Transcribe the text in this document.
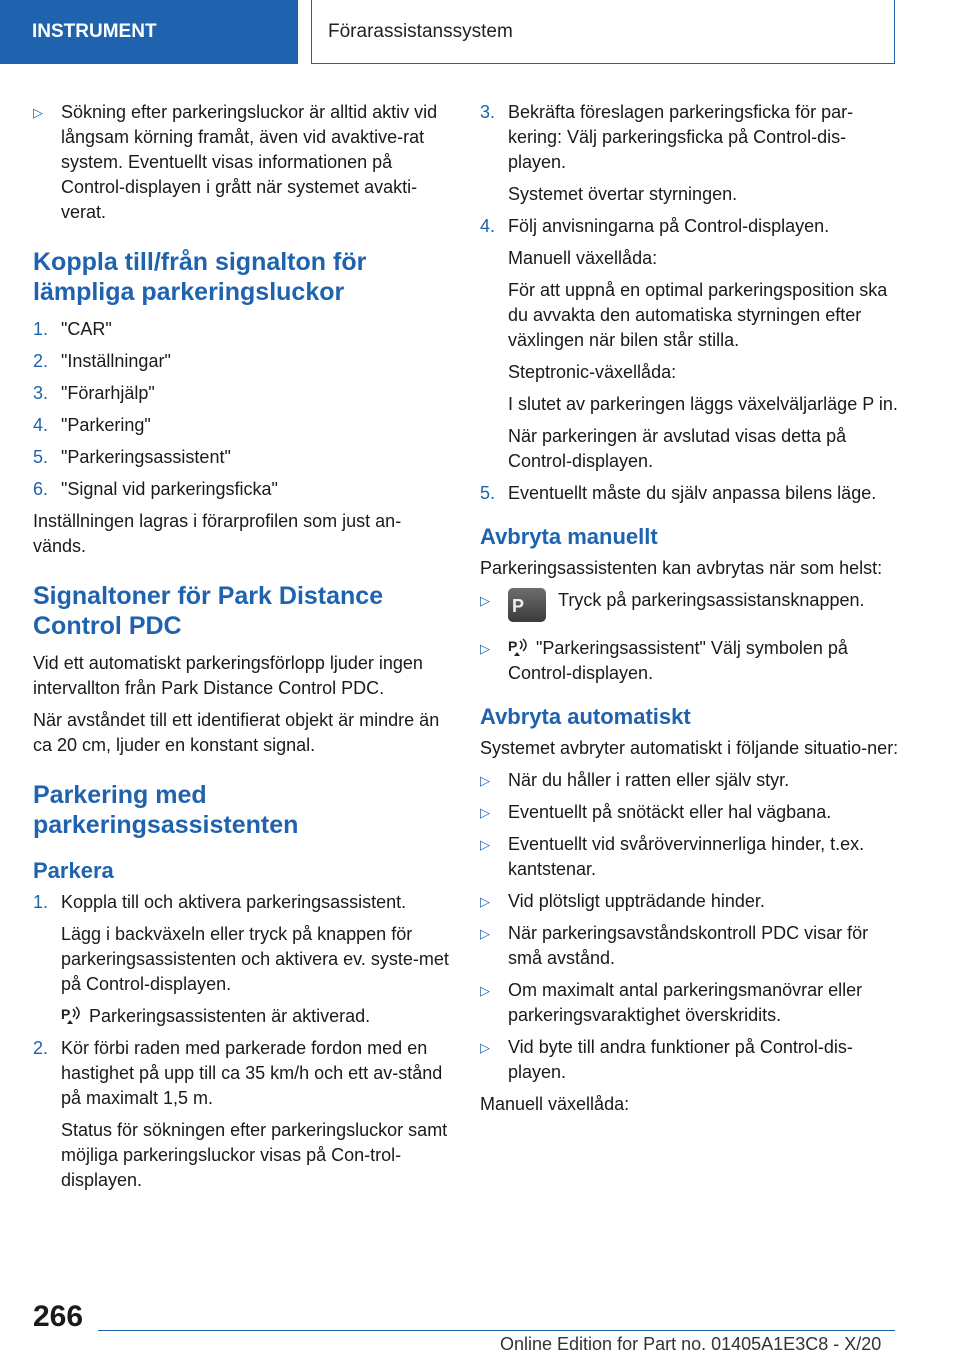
INSTRUMENT	Förarassistanssystem
▷	Sökning efter parkeringsluckor är alltid aktiv vid långsam körning framåt, även vid avaktive-rat system. Eventuellt visas informationen på Control-displayen i grått när systemet avakti-verat.
Koppla till/från signalton för lämpliga parkeringsluckor
1. "CAR"
2. "Inställningar"
3. "Förarhjälp"
4. "Parkering"
5. "Parkeringsassistent"
6. "Signal vid parkeringsficka"

Inställningen lagras i förarprofilen som just an-vänds.

Signaltoner för Park Distance Control PDC

Vid ett automatiskt parkeringsförlopp ljuder ingen intervallton från Park Distance Control PDC.

När avståndet till ett identifierat objekt är mindre än ca 20 cm, ljuder en konstant signal.

Parkering med parkeringsassistenten
Parkera
1. Koppla till och aktivera parkeringsassistent.

Lägg i backväxeln eller tryck på knappen för parkeringsassistenten och aktivera ev. syste-met på Control-displayen.

P Parkeringsassistenten är aktiverad.

2. Kör förbi raden med parkerade fordon med en hastighet på upp till ca 35 km/h och ett av-stånd på maximalt 1,5 m.

Status för sökningen efter parkeringsluckor samt möjliga parkeringsluckor visas på Con-trol-displayen.

3. Bekräfta föreslagen parkeringsficka för par-kering: Välj parkeringsficka på Control-dis-playen.

Systemet övertar styrningen.

4. Följ anvisningarna på Control-displayen.

Manuell växellåda:

För att uppnå en optimal parkeringsposition ska du avvakta den automatiska styrningen efter växlingen när bilen står stilla.

Steptronic-växellåda:

I slutet av parkeringen läggs växelväljarläge P in.

När parkeringen är avslutad visas detta på Control-displayen.

5. Eventuellt måste du själv anpassa bilens läge.
Avbryta manuellt

Parkeringsassistenten kan avbrytas när som helst:

▷	P Tryck på parkeringsassistansknappen.
▷	P "Parkeringsassistent" Välj symbolen på Control-displayen.
Avbryta automatiskt

Systemet avbryter automatiskt i följande situatio-ner:

▷	När du håller i ratten eller själv styr.
▷	Eventuellt på snötäckt eller hal vägbana.
▷	Eventuellt vid svårövervinnerliga hinder, t.ex. kantstenar.
▷	Vid plötsligt uppträdande hinder.
▷	När parkeringsavståndskontroll PDC visar för små avstånd.
▷	Om maximalt antal parkeringsmanövrar eller parkeringsvaraktighet överskridits.
▷	Vid byte till andra funktioner på Control-dis-playen.

Manuell växellåda:

266
Online Edition for Part no. 01405A1E3C8 - X/20
